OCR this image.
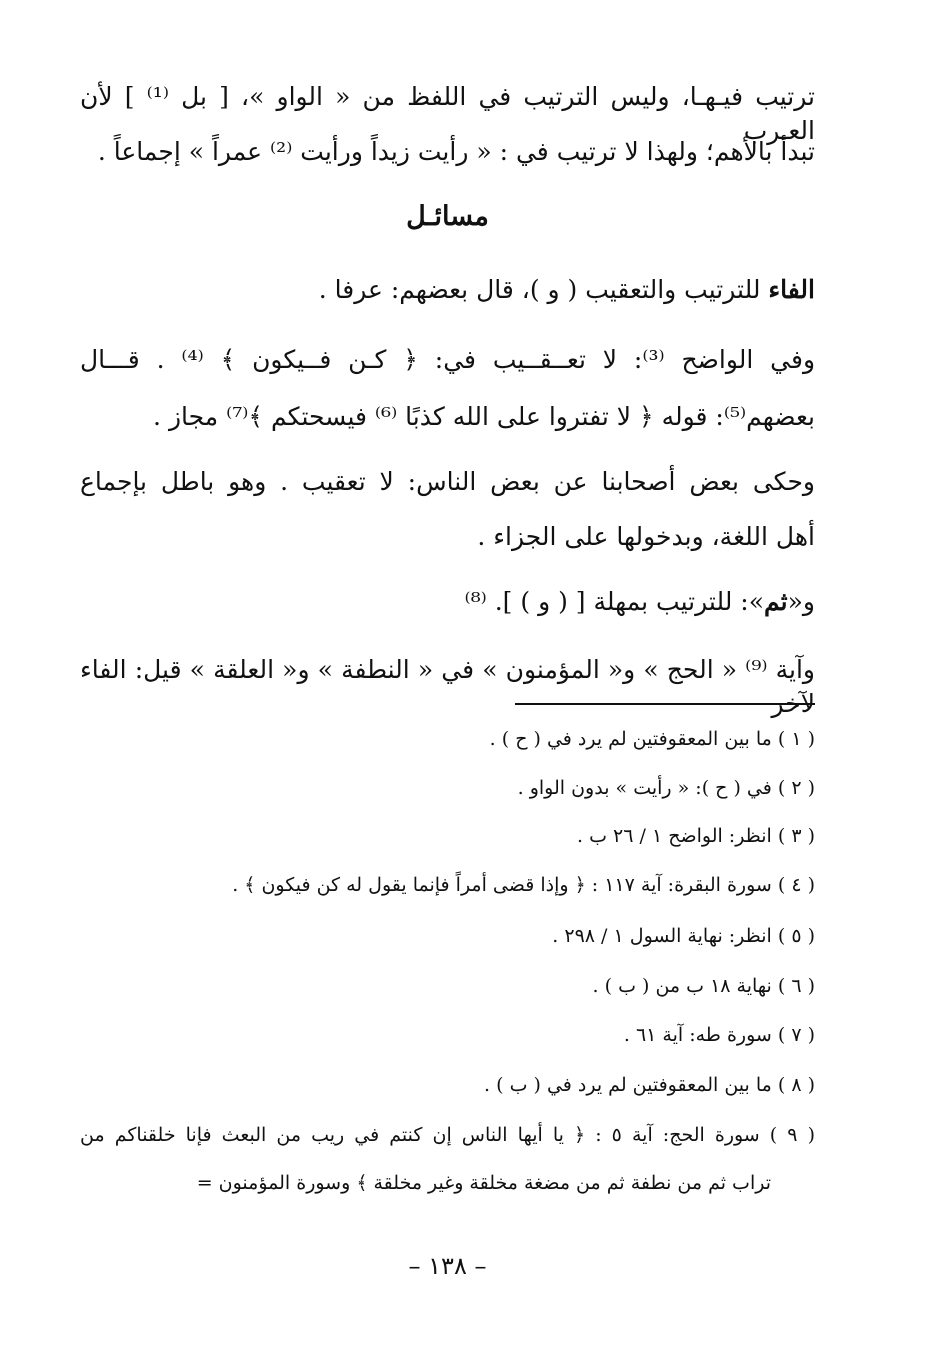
ترتيب فيـهـا، وليس الترتيب في اللفظ من « الواو »، [ بل ⁽¹⁾ ] لأن العـرب
تبدأ بالأهم؛ ولهذا لا ترتيب في : « رأيت زيداً ورأيت ⁽²⁾ عمراً » إجماعاً .
مسائـل
الفاء للترتيب والتعقيب ( و )، قال بعضهم: عرفا .
وفي الواضح ⁽³⁾: لا تعــقــيب في: ﴿ كـن فــيكون ﴾ ⁽⁴⁾ . قـــال
بعضهم⁽⁵⁾: قوله ﴿ لا تفتروا على الله كذبًا ⁽⁶⁾ فيسحتكم ﴾⁽⁷⁾ مجاز .
وحكى بعض أصحابنا عن بعض الناس: لا تعقيب . وهو باطل بإجماع
أهل اللغة، وبدخولها على الجزاء .
و«ثم»: للترتيب بمهلة [ ( و ) ]. ⁽⁸⁾
وآية ⁽⁹⁾ « الحج » و« المؤمنون » في « النطفة » و« العلقة » قيل: الفاء لآخر
( ١ ) ما بين المعقوفتين لم يرد في ( ح ) .
( ٢ ) في ( ح ): « رأيت » بدون الواو .
( ٣ ) انظر: الواضح ١ / ٢٦ ب .
( ٤ ) سورة البقرة: آية ١١٧ : ﴿ وإذا قضى أمراً فإنما يقول له كن فيكون ﴾ .
( ٥ ) انظر: نهاية السول ١ / ٢٩٨ .
( ٦ ) نهاية ١٨ ب من ( ب ) .
( ٧ ) سورة طه: آية ٦١ .
( ٨ ) ما بين المعقوفتين لم يرد في ( ب ) .
( ٩ ) سورة الحج: آية ٥ : ﴿ يا أيها الناس إن كنتم في ريب من البعث فإنا خلقناكم من
تراب ثم من نطفة ثم من مضغة مخلقة وغير مخلقة ﴾ وسورة المؤمنون =
– ١٣٨ –
